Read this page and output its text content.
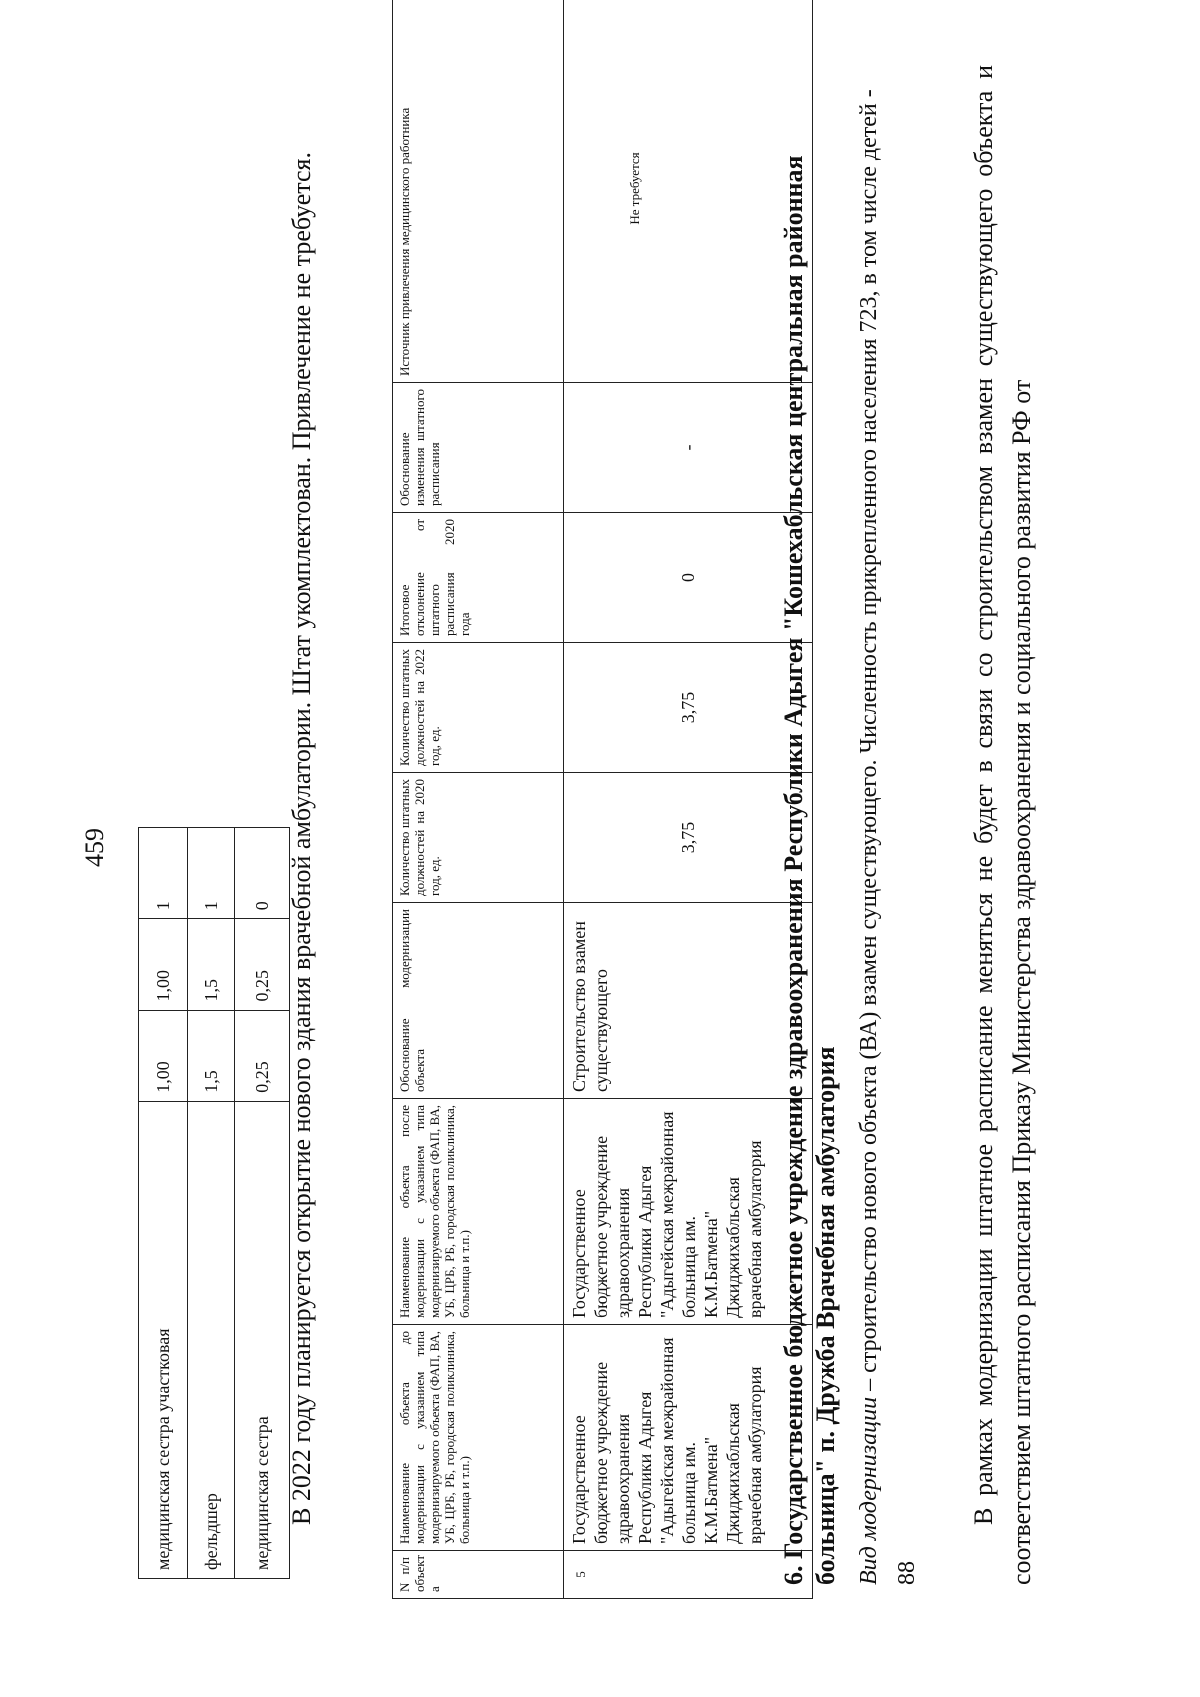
459
медицинская сестра участковая	1,00	1,00	1
фельдшер	1,5	1,5	1
медицинская сестра	0,25	0,25	0 В 2022 году планируется открытие нового здания врачебной амбулатории. Штат укомплектован. Привлечение не требуется.
N п/п объект а	Наименование объекта до модернизации с указанием типа модернизируемого объекта (ФАП, ВА, УБ, ЦРБ, РБ, городская поликлиника, больница и т.п.)	Наименование объекта после модернизации с указанием типа модернизируемого объекта (ФАП, ВА, УБ, ЦРБ, РБ, городская поликлиника, больница и т.п.)	Обоснование модернизации объекта	Количество штатных должностей на 2020 год, ед.	Количество штатных должностей на 2022 год, ед.	Итоговое отклонение от штатного расписания 2020 года	Обоснование изменения штатного расписания	Источник привлечения медицинского работника
5	Государственное бюджетное учреждение здравоохранения Республики Адыгея "Адыгейская межрайонная больница им. К.М.Батмена" Джиджихабльская врачебная амбулатория	Государственное бюджетное учреждение здравоохранения Республики Адыгея "Адыгейская межрайонная больница им. К.М.Батмена" Джиджихабльская врачебная амбулатория	Строительство взамен существующего	3,75	3,75	0	-	Не требуется	6. Государственное бюджетное учреждение здравоохранения Республики Адыгея "Кошехабльская центральная районная больница" п. Дружба Врачебная амбулатория Вид модернизации – строительство нового объекта (ВА) взамен существующего. Численность прикрепленного населения 723, в том числе детей - 88
В рамках модернизации штатное расписание меняться не будет в связи со строительством взамен существующего объекта и соответствием штатного расписания Приказу Министерства здравоохранения и социального развития РФ от
